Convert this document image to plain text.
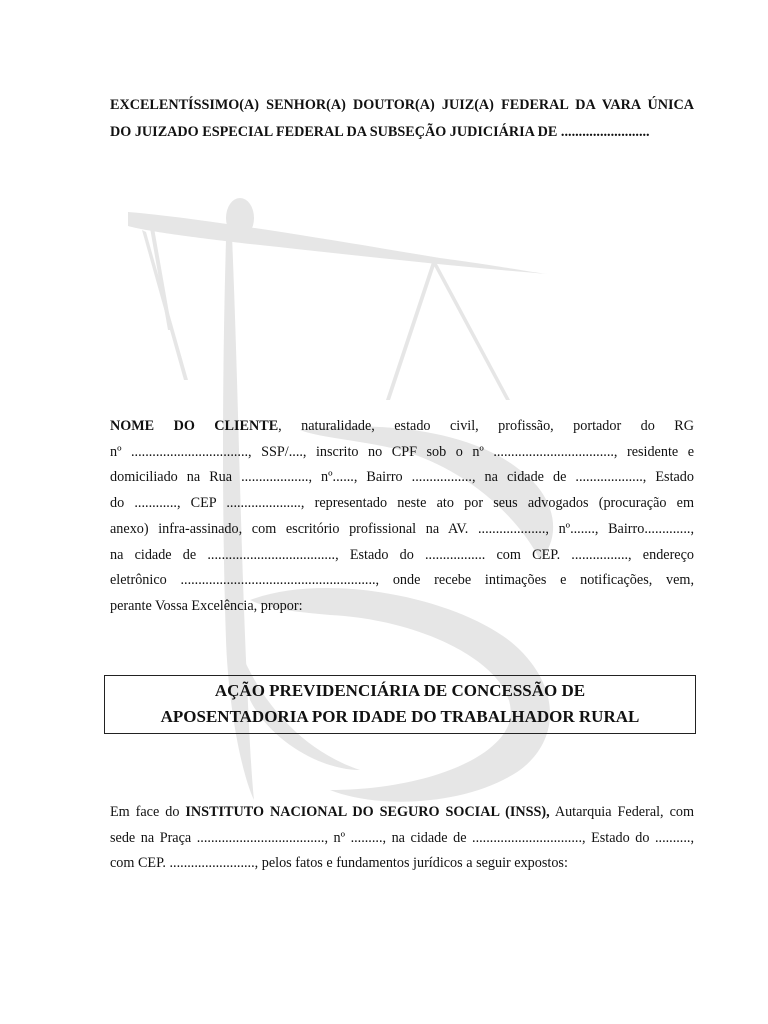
EXCELENTÍSSIMO(A) SENHOR(A) DOUTOR(A) JUIZ(A) FEDERAL DA VARA ÚNICA
DO JUIZADO ESPECIAL FEDERAL DA SUBSEÇÃO JUDICIÁRIA DE .........................
NOME DO CLIENTE, naturalidade, estado civil, profissão, portador do RG
nº ................................., SSP/...., inscrito no CPF sob o nº .................................., residente e
domiciliado na Rua ..................., nº......, Bairro ................., na cidade de ..................., Estado
do ............, CEP ....................., representado neste ato por seus advogados (procuração em
anexo) infra-assinado, com escritório profissional na AV. ..................., nº......., Bairro.............,
na cidade de ...................................., Estado do ................. com CEP. ................, endereço
eletrônico ......................................................., onde recebe intimações e notificações, vem,
perante Vossa Excelência, propor:
AÇÃO PREVIDENCIÁRIA DE CONCESSÃO DE
APOSENTADORIA POR IDADE DO TRABALHADOR RURAL
Em face do INSTITUTO NACIONAL DO SEGURO SOCIAL (INSS), Autarquia Federal, com
sede na Praça ...................................., nº ........., na cidade de ..............................., Estado do ..........,
com CEP. ........................, pelos fatos e fundamentos jurídicos a seguir expostos:
